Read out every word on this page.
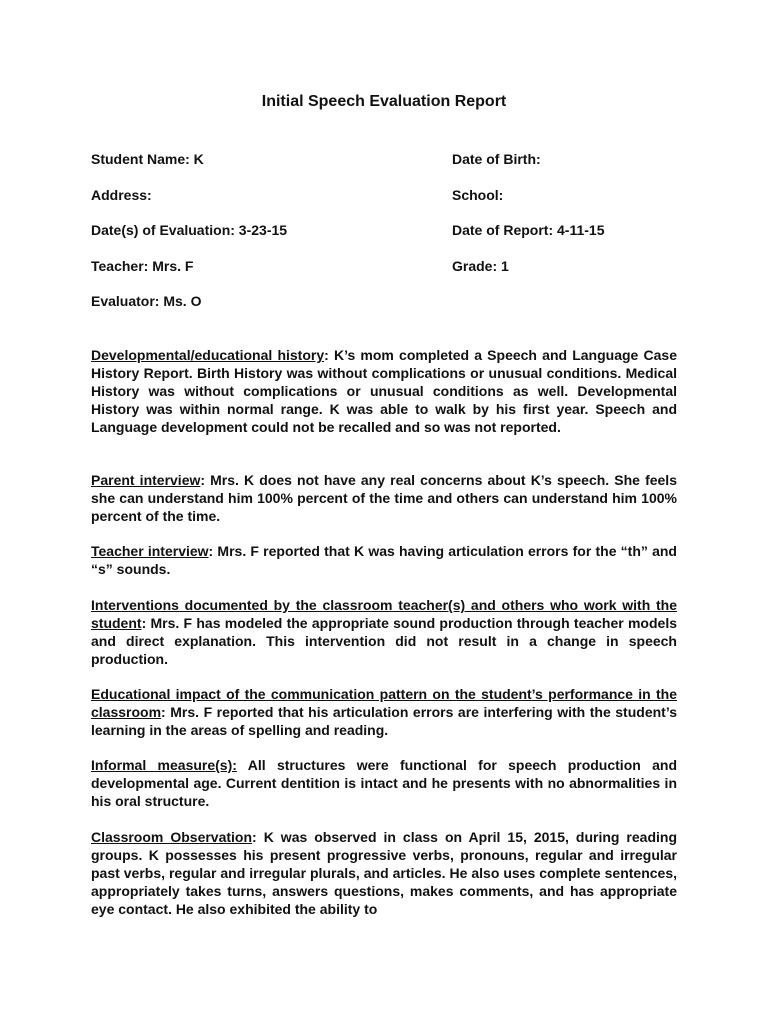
Initial Speech Evaluation Report
Student Name: K	Date of Birth:
Address:	School:
Date(s) of Evaluation: 3-23-15	Date of Report: 4-11-15
Teacher: Mrs. F	Grade: 1
Evaluator: Ms. O
Developmental/educational history: K’s mom completed a Speech and Language Case History Report. Birth History was without complications or unusual conditions. Medical History was without complications or unusual conditions as well. Developmental History was within normal range. K was able to walk by his first year. Speech and Language development could not be recalled and so was not reported.
Parent interview: Mrs. K does not have any real concerns about K’s speech. She feels she can understand him 100% percent of the time and others can understand him 100% percent of the time.
Teacher interview: Mrs. F reported that K was having articulation errors for the “th” and “s” sounds.
Interventions documented by the classroom teacher(s) and others who work with the student: Mrs. F has modeled the appropriate sound production through teacher models and direct explanation. This intervention did not result in a change in speech production.
Educational impact of the communication pattern on the student’s performance in the classroom: Mrs. F reported that his articulation errors are interfering with the student’s learning in the areas of spelling and reading.
Informal measure(s): All structures were functional for speech production and developmental age. Current dentition is intact and he presents with no abnormalities in his oral structure.
Classroom Observation: K was observed in class on April 15, 2015, during reading groups. K possesses his present progressive verbs, pronouns, regular and irregular past verbs, regular and irregular plurals, and articles. He also uses complete sentences, appropriately takes turns, answers questions, makes comments, and has appropriate eye contact. He also exhibited the ability to
